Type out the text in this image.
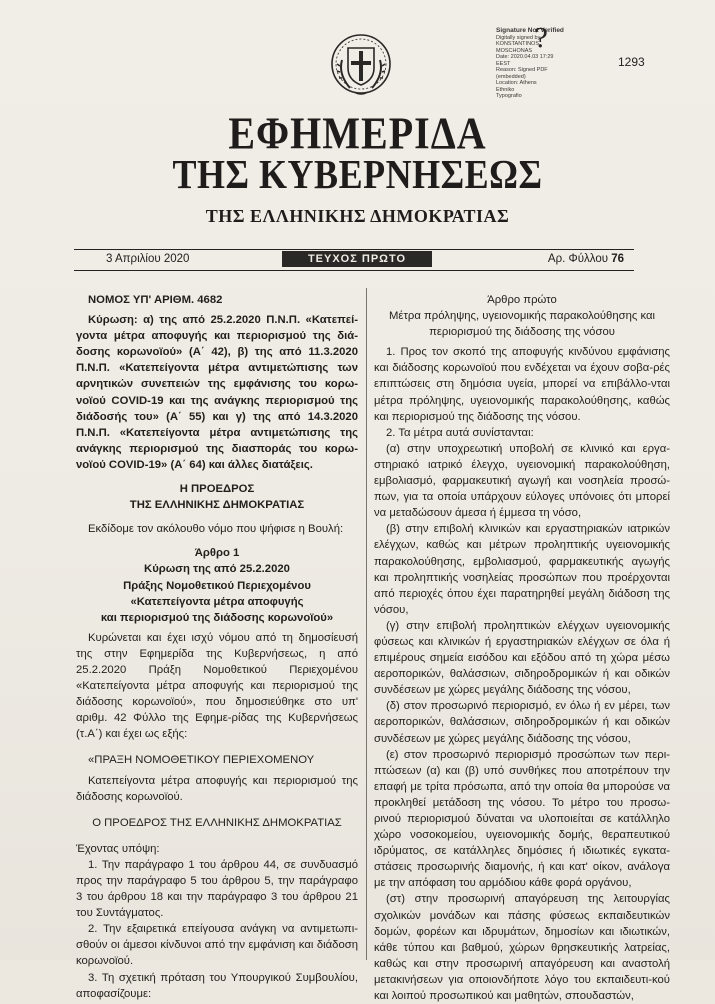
Signature Not Verified
Digitally signed by
KONSTANTINOS
MOSCHONAS
Date: 2020.04.03 17:29
EEST
Reason: Signed PDF
(embedded)
Location: Athens
Ethniko
Typografio
?
1293
ΕΦΗΜΕΡΙΔΑ
ΤΗΣ ΚΥΒΕΡΝΗΣΕΩΣ
ΤΗΣ ΕΛΛΗΝΙΚΗΣ ΔΗΜΟΚΡΑΤΙΑΣ
3 Απριλίου 2020	ΤΕΥΧΟΣ ΠΡΩΤΟ	Αρ. Φύλλου 76

ΝΟΜΟΣ ΥΠ' ΑΡΙΘΜ. 4682

Κύρωση: α) της από 25.2.2020 Π.Ν.Π. «Κατεπεί-γοντα μέτρα αποφυγής και περιορισμού της διά-δοσης κορωνοϊού» (Α΄ 42), β) της από 11.3.2020 Π.Ν.Π. «Κατεπείγοντα μέτρα αντιμετώπισης των αρνητικών συνεπειών της εμφάνισης του κορω-νοϊού COVID-19 και της ανάγκης περιορισμού της διάδοσής του» (Α΄ 55) και γ) της από 14.3.2020 Π.Ν.Π. «Κατεπείγοντα μέτρα αντιμετώπισης της ανάγκης περιορισμού της διασποράς του κορω-νοϊού COVID-19» (Α΄ 64) και άλλες διατάξεις.

Η ΠΡΟΕΔΡΟΣ

ΤΗΣ ΕΛΛΗΝΙΚΗΣ ΔΗΜΟΚΡΑΤΙΑΣ

Εκδίδομε τον ακόλουθο νόμο που ψήφισε η Βουλή:

Άρθρο 1

Κύρωση της από 25.2.2020

Πράξης Νομοθετικού Περιεχομένου

«Κατεπείγοντα μέτρα αποφυγής

και περιορισμού της διάδοσης κορωνοϊού»

Κυρώνεται και έχει ισχύ νόμου από τη δημοσίευσή της στην Εφημερίδα της Κυβερνήσεως, η από 25.2.2020 Πράξη Νομοθετικού Περιεχομένου «Κατεπείγοντα μέτρα αποφυγής και περιορισμού της διάδοσης κορωνοϊού», που δημοσιεύθηκε στο υπ' αριθμ. 42 Φύλλο της Εφημε-ρίδας της Κυβερνήσεως (τ.Α΄) και έχει ως εξής:

«ΠΡΑΞΗ ΝΟΜΟΘΕΤΙΚΟΥ ΠΕΡΙΕΧΟΜΕΝΟΥ

Κατεπείγοντα μέτρα αποφυγής και περιορισμού της διάδοσης κορωνοϊού.

Ο ΠΡΟΕΔΡΟΣ ΤΗΣ ΕΛΛΗΝΙΚΗΣ ΔΗΜΟΚΡΑΤΙΑΣ

Έχοντας υπόψη:

1. Την παράγραφο 1 του άρθρου 44, σε συνδυασμό προς την παράγραφο 5 του άρθρου 5, την παράγραφο 3 του άρθρου 18 και την παράγραφο 3 του άρθρου 21 του Συντάγματος.

2. Την εξαιρετικά επείγουσα ανάγκη να αντιμετωπι-σθούν οι άμεσοι κίνδυνοι από την εμφάνιση και διάδοση κορωνοϊού.

3. Τη σχετική πρόταση του Υπουργικού Συμβουλίου, αποφασίζουμε:

Άρθρο πρώτο

Μέτρα πρόληψης, υγειονομικής παρακολούθησης και περιορισμού της διάδοσης της νόσου

1. Προς τον σκοπό της αποφυγής κινδύνου εμφάνισης και διάδοσης κορωνοϊού που ενδέχεται να έχουν σοβα-ρές επιπτώσεις στη δημόσια υγεία, μπορεί να επιβάλλο-νται μέτρα πρόληψης, υγειονομικής παρακολούθησης, καθώς και περιορισμού της διάδοσης της νόσου.

2. Τα μέτρα αυτά συνίστανται:

(α) στην υποχρεωτική υποβολή σε κλινικό και εργα-στηριακό ιατρικό έλεγχο, υγειονομική παρακολούθηση, εμβολιασμό, φαρμακευτική αγωγή και νοσηλεία προσώ-πων, για τα οποία υπάρχουν εύλογες υπόνοιες ότι μπορεί να μεταδώσουν άμεσα ή έμμεσα τη νόσο,

(β) στην επιβολή κλινικών και εργαστηριακών ιατρικών ελέγχων, καθώς και μέτρων προληπτικής υγειονομικής παρακολούθησης, εμβολιασμού, φαρμακευτικής αγωγής και προληπτικής νοσηλείας προσώπων που προέρχονται από περιοχές όπου έχει παρατηρηθεί μεγάλη διάδοση της νόσου,

(γ) στην επιβολή προληπτικών ελέγχων υγειονομικής φύσεως και κλινικών ή εργαστηριακών ελέγχων σε όλα ή επιμέρους σημεία εισόδου και εξόδου από τη χώρα μέσω αεροπορικών, θαλάσσιων, σιδηροδρομικών ή και οδικών συνδέσεων με χώρες μεγάλης διάδοσης της νόσου,

(δ) στον προσωρινό περιορισμό, εν όλω ή εν μέρει, των αεροπορικών, θαλάσσιων, σιδηροδρομικών ή και οδικών συνδέσεων με χώρες μεγάλης διάδοσης της νόσου,

(ε) στον προσωρινό περιορισμό προσώπων των περι-πτώσεων (α) και (β) υπό συνθήκες που αποτρέπουν την επαφή με τρίτα πρόσωπα, από την οποία θα μπορούσε να προκληθεί μετάδοση της νόσου. Το μέτρο του προσω-ρινού περιορισμού δύναται να υλοποιείται σε κατάλληλο χώρο νοσοκομείου, υγειονομικής δομής, θεραπευτικού ιδρύματος, σε κατάλληλες δημόσιες ή ιδιωτικές εγκατα-στάσεις προσωρινής διαμονής, ή και κατ' οίκον, ανάλογα με την απόφαση του αρμόδιου κάθε φορά οργάνου,

(στ) στην προσωρινή απαγόρευση της λειτουργίας σχολικών μονάδων και πάσης φύσεως εκπαιδευτικών δομών, φορέων και ιδρυμάτων, δημοσίων και ιδιωτικών, κάθε τύπου και βαθμού, χώρων θρησκευτικής λατρείας, καθώς και στην προσωρινή απαγόρευση και αναστολή μετακινήσεων για οποιονδήποτε λόγο του εκπαιδευτι-κού και λοιπού προσωπικού και μαθητών, σπουδαστών,
